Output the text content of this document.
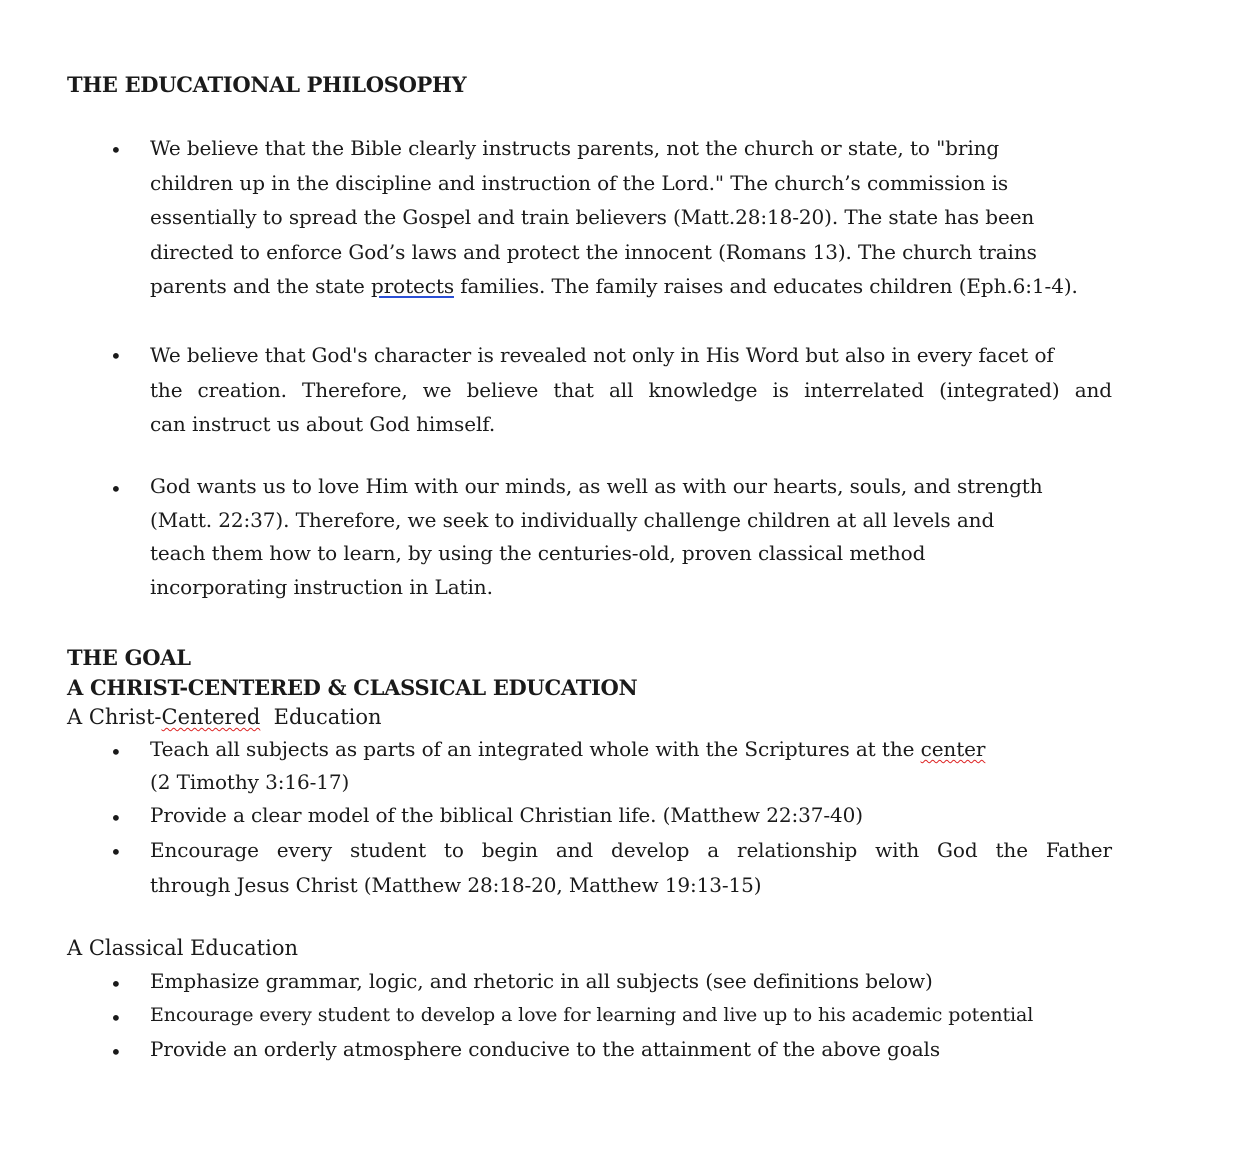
THE EDUCATIONAL PHILOSOPHY
• We believe that the Bible clearly instructs parents, not the church or state, to "bring
children up in the discipline and instruction of the Lord." The church’s commission is
essentially to spread the Gospel and train believers (Matt.28:18-20). The state has been
directed to enforce God’s laws and protect the innocent (Romans 13). The church trains
parents and the state protects families. The family raises and educates children (Eph.6:1-4).
• We believe that God's character is revealed not only in His Word but also in every facet of
the creation. Therefore, we believe that all knowledge is interrelated (integrated) and
can instruct us about God himself.
• God wants us to love Him with our minds, as well as with our hearts, souls, and strength
(Matt. 22:37). Therefore, we seek to individually challenge children at all levels and
teach them how to learn, by using the centuries-old, proven classical method
incorporating instruction in Latin.
THE GOAL
A CHRIST-CENTERED & CLASSICAL EDUCATION
A Christ-Centered  Education
• Teach all subjects as parts of an integrated whole with the Scriptures at the center
(2 Timothy 3:16-17)
• Provide a clear model of the biblical Christian life. (Matthew 22:37-40)
• Encourage every student to begin and develop a relationship with God the Father
through Jesus Christ (Matthew 28:18-20, Matthew 19:13-15)
A Classical Education
• Emphasize grammar, logic, and rhetoric in all subjects (see definitions below)
• Encourage every student to develop a love for learning and live up to his academic potential
• Provide an orderly atmosphere conducive to the attainment of the above goals
